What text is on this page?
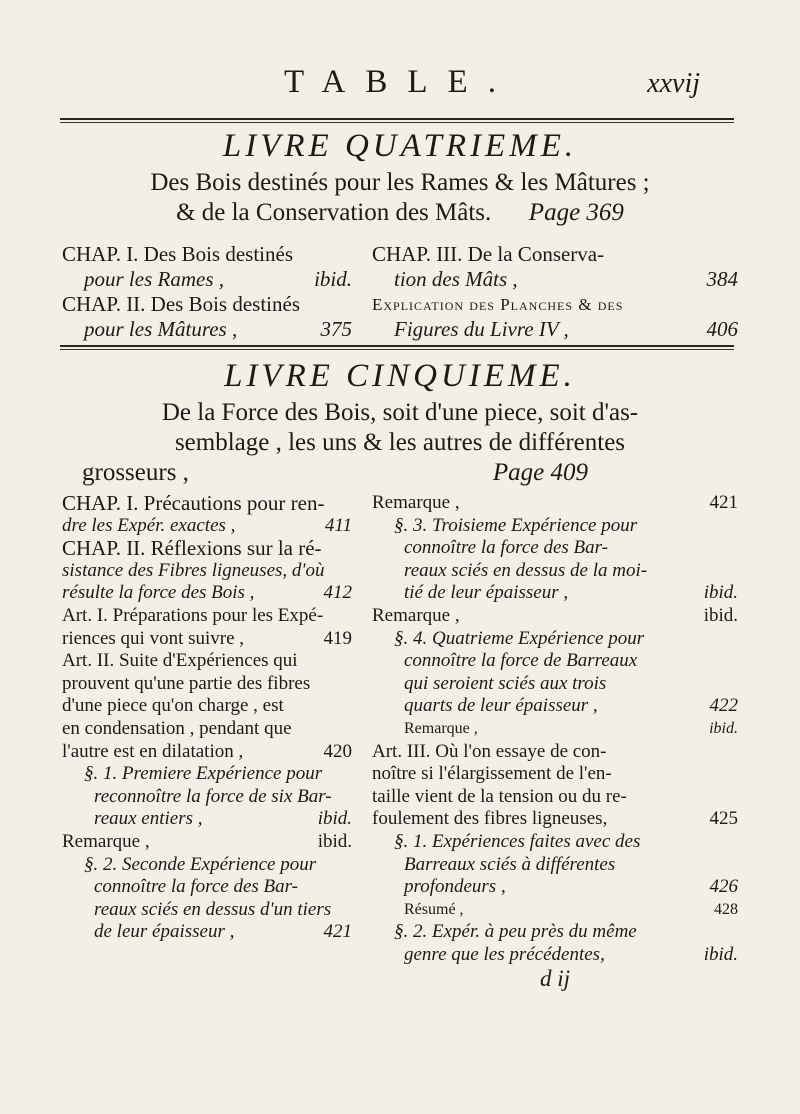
TABLE.	xxvij
LIVRE QUATRIEME.
Des Bois destinés pour les Rames & les Mâtures ;
& de la Conservation des Mâts. Page 369
CHAP. I. Des Bois destinés
pour les Rames ,	ibid.
CHAP. II. Des Bois destinés
pour les Mâtures ,	375
CHAP. III. De la Conserva-
tion des Mâts ,	384
Explication des Planches & des
Figures du Livre IV ,	406
LIVRE CINQUIEME.
De la Force des Bois, soit d'une piece, soit d'as-
semblage , les uns & les autres de différentes
grosseurs ,	Page 409
CHAP. I. Précautions pour ren-
dre les Expér. exactes ,	411
CHAP. II. Réflexions sur la ré-
sistance des Fibres ligneuses, d'où
résulte la force des Bois ,	412
Art. I. Préparations pour les Expé-
riences qui vont suivre ,	419
Art. II. Suite d'Expériences qui
prouvent qu'une partie des fibres
d'une piece qu'on charge , est
en condensation , pendant que
l'autre est en dilatation ,	420
§. 1. Premiere Expérience pour
reconnoître la force de six Bar-
reaux entiers ,	ibid.
Remarque ,	ibid.
§. 2. Seconde Expérience pour
connoître la force des Bar-
reaux sciés en dessus d'un tiers
de leur épaisseur ,	421
Remarque ,	421
§. 3. Troisieme Expérience pour
connoître la force des Bar-
reaux sciés en dessus de la moi-
tié de leur épaisseur ,	ibid.
Remarque ,	ibid.
§. 4. Quatrieme Expérience pour
connoître la force de Barreaux
qui seroient sciés aux trois
quarts de leur épaisseur ,	422
Remarque ,	ibid.
Art. III. Où l'on essaye de con-
noître si l'élargissement de l'en-
taille vient de la tension ou du re-
foulement des fibres ligneuses,	425
§. 1. Expériences faites avec des
Barreaux sciés à différentes
profondeurs ,	426
Résumé ,	428
§. 2. Expér. à peu près du même
genre que les précédentes,	ibid.
d ij
